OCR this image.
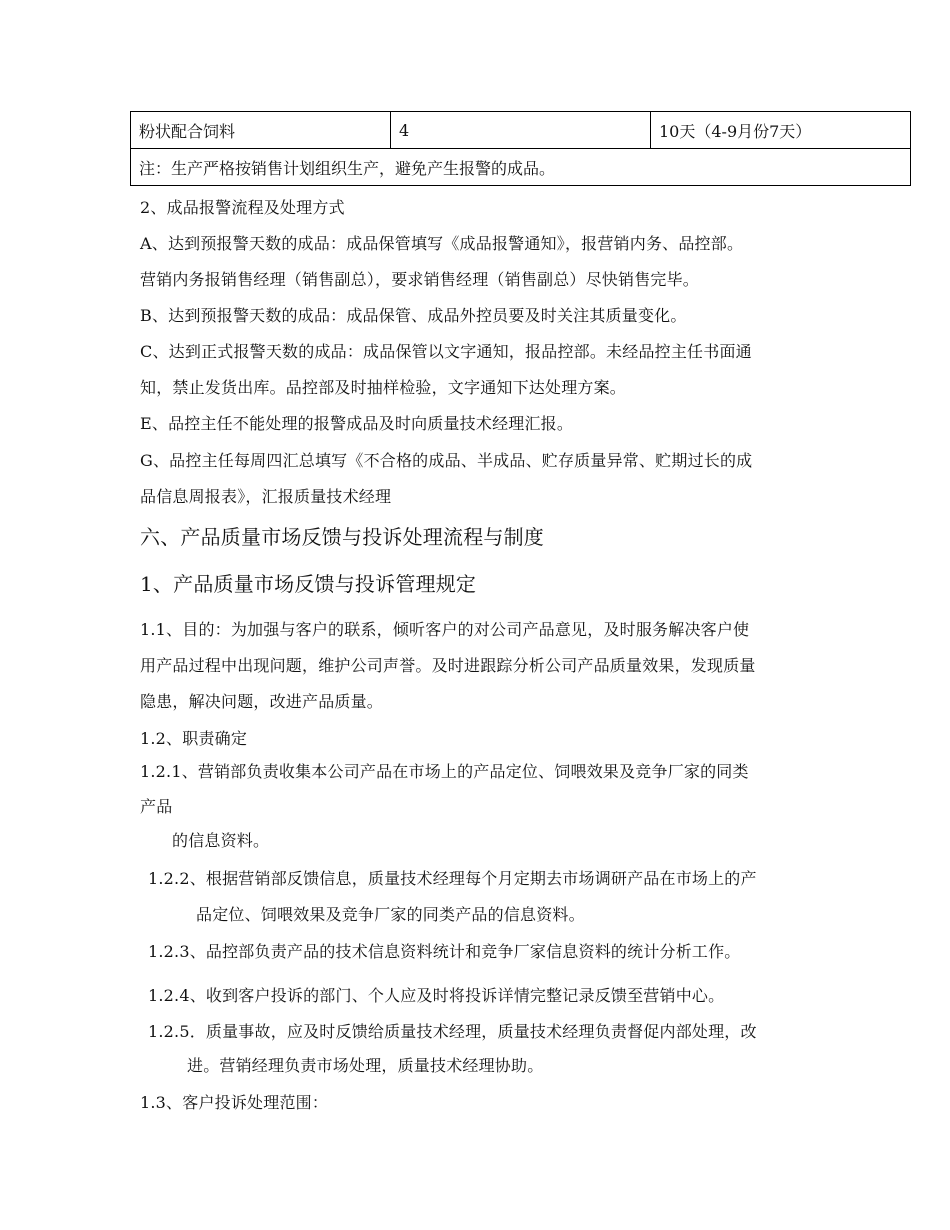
粉状配合饲料	4	10天（4-9月份7天）
注：生产严格按销售计划组织生产，避免产生报警的成品。
2、成品报警流程及处理方式
A、达到预报警天数的成品：成品保管填写《成品报警通知》，报营销内务、品控部。
营销内务报销售经理（销售副总），要求销售经理（销售副总）尽快销售完毕。
B、达到预报警天数的成品：成品保管、成品外控员要及时关注其质量变化。
C、达到正式报警天数的成品：成品保管以文字通知，报品控部。未经品控主任书面通
知，禁止发货出库。品控部及时抽样检验，文字通知下达处理方案。
E、品控主任不能处理的报警成品及时向质量技术经理汇报。
G、品控主任每周四汇总填写《不合格的成品、半成品、贮存质量异常、贮期过长的成
品信息周报表》，汇报质量技术经理
六、产品质量市场反馈与投诉处理流程与制度
1、产品质量市场反馈与投诉管理规定
1.1、目的：为加强与客户的联系，倾听客户的对公司产品意见，及时服务解决客户使
用产品过程中出现问题，维护公司声誉。及时进跟踪分析公司产品质量效果，发现质量
隐患，解决问题，改进产品质量。
1.2、职责确定
1.2.1、营销部负责收集本公司产品在市场上的产品定位、饲喂效果及竞争厂家的同类
产品
的信息资料。
1.2.2、根据营销部反馈信息，质量技术经理每个月定期去市场调研产品在市场上的产
品定位、饲喂效果及竞争厂家的同类产品的信息资料。
1.2.3、品控部负责产品的技术信息资料统计和竞争厂家信息资料的统计分析工作。
1.2.4、收到客户投诉的部门、个人应及时将投诉详情完整记录反馈至营销中心。
1.2.5．质量事故，应及时反馈给质量技术经理，质量技术经理负责督促内部处理，改
进。营销经理负责市场处理，质量技术经理协助。
1.3、客户投诉处理范围：
